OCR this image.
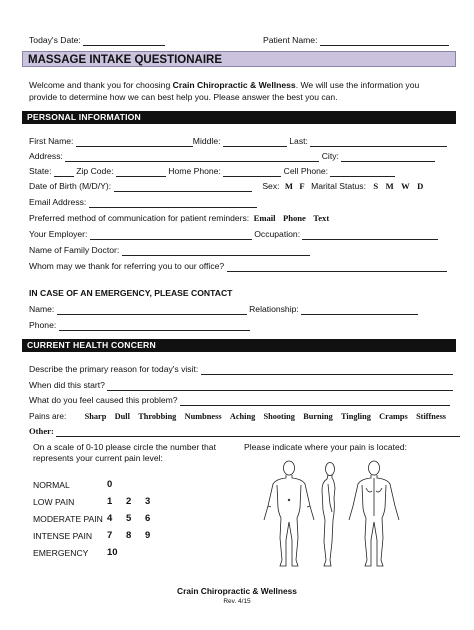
Today's Date:	Patient Name:
MASSAGE INTAKE QUESTIONAIRE
Welcome and thank you for choosing Crain Chiropractic & Wellness. We will use the information you
provide to determine how we can best help you. Please answer the best you can.
PERSONAL INFORMATION
First Name:	Middle:	Last:
Address:	City:
State:	Zip Code:	Home Phone:	Cell Phone:
Date of Birth (M/D/Y):	Sex: M F Marital Status: S M W D
Email Address:
Preferred method of communication for patient reminders: Email Phone Text
Your Employer:	Occupation:
Name of Family Doctor:
Whom may we thank for referring you to our office?
IN CASE OF AN EMERGENCY, PLEASE CONTACT
Name:	Relationship:
Phone:
CURRENT HEALTH CONCERN
Describe the primary reason for today's visit:
When did this start?
What do you feel caused this problem?
Pains are: Sharp Dull Throbbing Numbness Aching Shooting Burning Tingling Cramps Stiffness
Other:
On a scale of 0-10 please circle the number that
represents your current pain level:
Please indicate where your pain is located:
NORMAL	0		
LOW PAIN	1	2	3
MODERATE PAIN	4	5	6
INTENSE PAIN	7	8	9
EMERGENCY	10		
Crain Chiropractic & Wellness
Rev. 4/15
